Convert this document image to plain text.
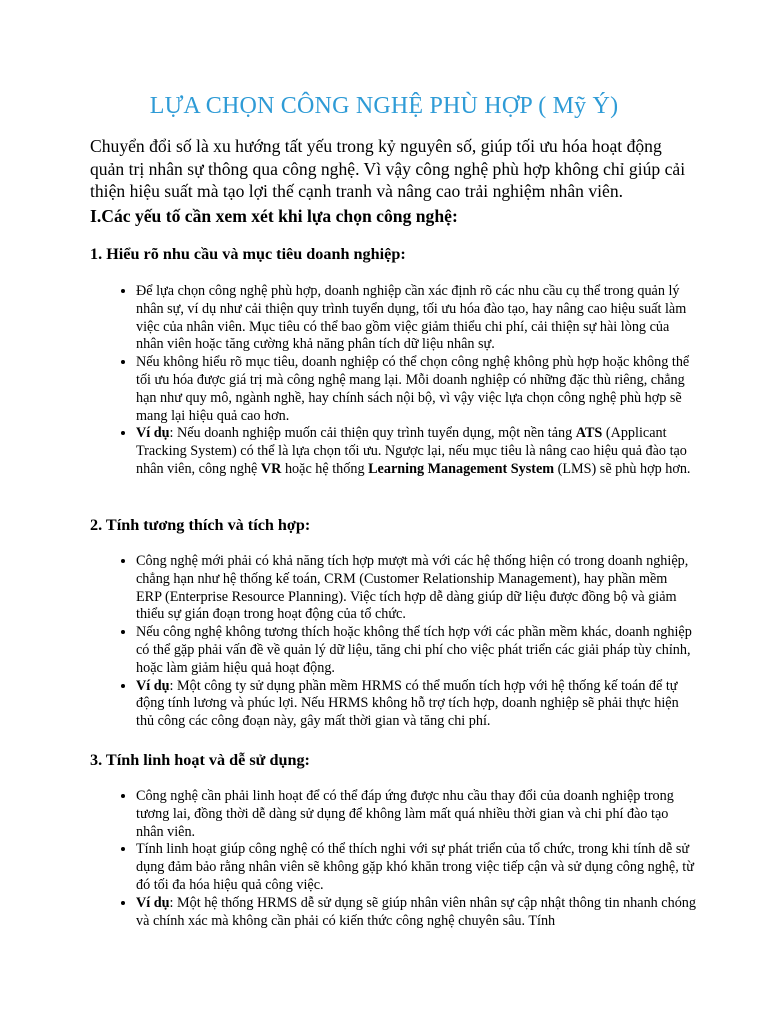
LỰA CHỌN CÔNG NGHỆ PHÙ HỢP ( Mỹ Ý)

Chuyển đổi số là xu hướng tất yếu trong kỷ nguyên số, giúp tối ưu hóa hoạt động quản trị nhân sự thông qua công nghệ. Vì vậy công nghệ phù hợp không chỉ giúp cải thiện hiệu suất mà tạo lợi thế cạnh tranh và nâng cao trải nghiệm nhân viên.

I.Các yếu tố cần xem xét khi lựa chọn công nghệ:

1. Hiểu rõ nhu cầu và mục tiêu doanh nghiệp:

• Để lựa chọn công nghệ phù hợp, doanh nghiệp cần xác định rõ các nhu cầu cụ thể trong quản lý nhân sự, ví dụ như cải thiện quy trình tuyển dụng, tối ưu hóa đào tạo, hay nâng cao hiệu suất làm việc của nhân viên. Mục tiêu có thể bao gồm việc giảm thiểu chi phí, cải thiện sự hài lòng của nhân viên hoặc tăng cường khả năng phân tích dữ liệu nhân sự.
• Nếu không hiểu rõ mục tiêu, doanh nghiệp có thể chọn công nghệ không phù hợp hoặc không thể tối ưu hóa được giá trị mà công nghệ mang lại. Mỗi doanh nghiệp có những đặc thù riêng, chẳng hạn như quy mô, ngành nghề, hay chính sách nội bộ, vì vậy việc lựa chọn công nghệ phù hợp sẽ mang lại hiệu quả cao hơn.
• Ví dụ: Nếu doanh nghiệp muốn cải thiện quy trình tuyển dụng, một nền tảng ATS (Applicant Tracking System) có thể là lựa chọn tối ưu. Ngược lại, nếu mục tiêu là nâng cao hiệu quả đào tạo nhân viên, công nghệ VR hoặc hệ thống Learning Management System (LMS) sẽ phù hợp hơn.

2. Tính tương thích và tích hợp:

• Công nghệ mới phải có khả năng tích hợp mượt mà với các hệ thống hiện có trong doanh nghiệp, chẳng hạn như hệ thống kế toán, CRM (Customer Relationship Management), hay phần mềm ERP (Enterprise Resource Planning). Việc tích hợp dễ dàng giúp dữ liệu được đồng bộ và giảm thiểu sự gián đoạn trong hoạt động của tổ chức.
• Nếu công nghệ không tương thích hoặc không thể tích hợp với các phần mềm khác, doanh nghiệp có thể gặp phải vấn đề về quản lý dữ liệu, tăng chi phí cho việc phát triển các giải pháp tùy chỉnh, hoặc làm giảm hiệu quả hoạt động.
• Ví dụ: Một công ty sử dụng phần mềm HRMS có thể muốn tích hợp với hệ thống kế toán để tự động tính lương và phúc lợi. Nếu HRMS không hỗ trợ tích hợp, doanh nghiệp sẽ phải thực hiện thủ công các công đoạn này, gây mất thời gian và tăng chi phí.

3. Tính linh hoạt và dễ sử dụng:

• Công nghệ cần phải linh hoạt để có thể đáp ứng được nhu cầu thay đổi của doanh nghiệp trong tương lai, đồng thời dễ dàng sử dụng để không làm mất quá nhiều thời gian và chi phí đào tạo nhân viên.
• Tính linh hoạt giúp công nghệ có thể thích nghi với sự phát triển của tổ chức, trong khi tính dễ sử dụng đảm bảo rằng nhân viên sẽ không gặp khó khăn trong việc tiếp cận và sử dụng công nghệ, từ đó tối đa hóa hiệu quả công việc.
• Ví dụ: Một hệ thống HRMS dễ sử dụng sẽ giúp nhân viên nhân sự cập nhật thông tin nhanh chóng và chính xác mà không cần phải có kiến thức công nghệ chuyên sâu. Tính
